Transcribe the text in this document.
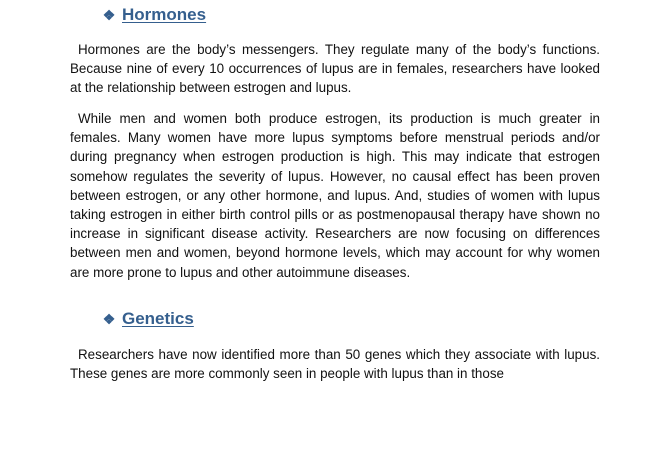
❖ Hormones

Hormones are the body’s messengers. They regulate many of the body’s functions. Because nine of every 10 occurrences of lupus are in females, researchers have looked at the relationship between estrogen and lupus.

While men and women both produce estrogen, its production is much greater in females. Many women have more lupus symptoms before menstrual periods and/or during pregnancy when estrogen production is high. This may indicate that estrogen somehow regulates the severity of lupus. However, no causal effect has been proven between estrogen, or any other hormone, and lupus. And, studies of women with lupus taking estrogen in either birth control pills or as postmenopausal therapy have shown no increase in significant disease activity. Researchers are now focusing on differences between men and women, beyond hormone levels, which may account for why women are more prone to lupus and other autoimmune diseases.

❖ Genetics

Researchers have now identified more than 50 genes which they associate with lupus. These genes are more commonly seen in people with lupus than in those
